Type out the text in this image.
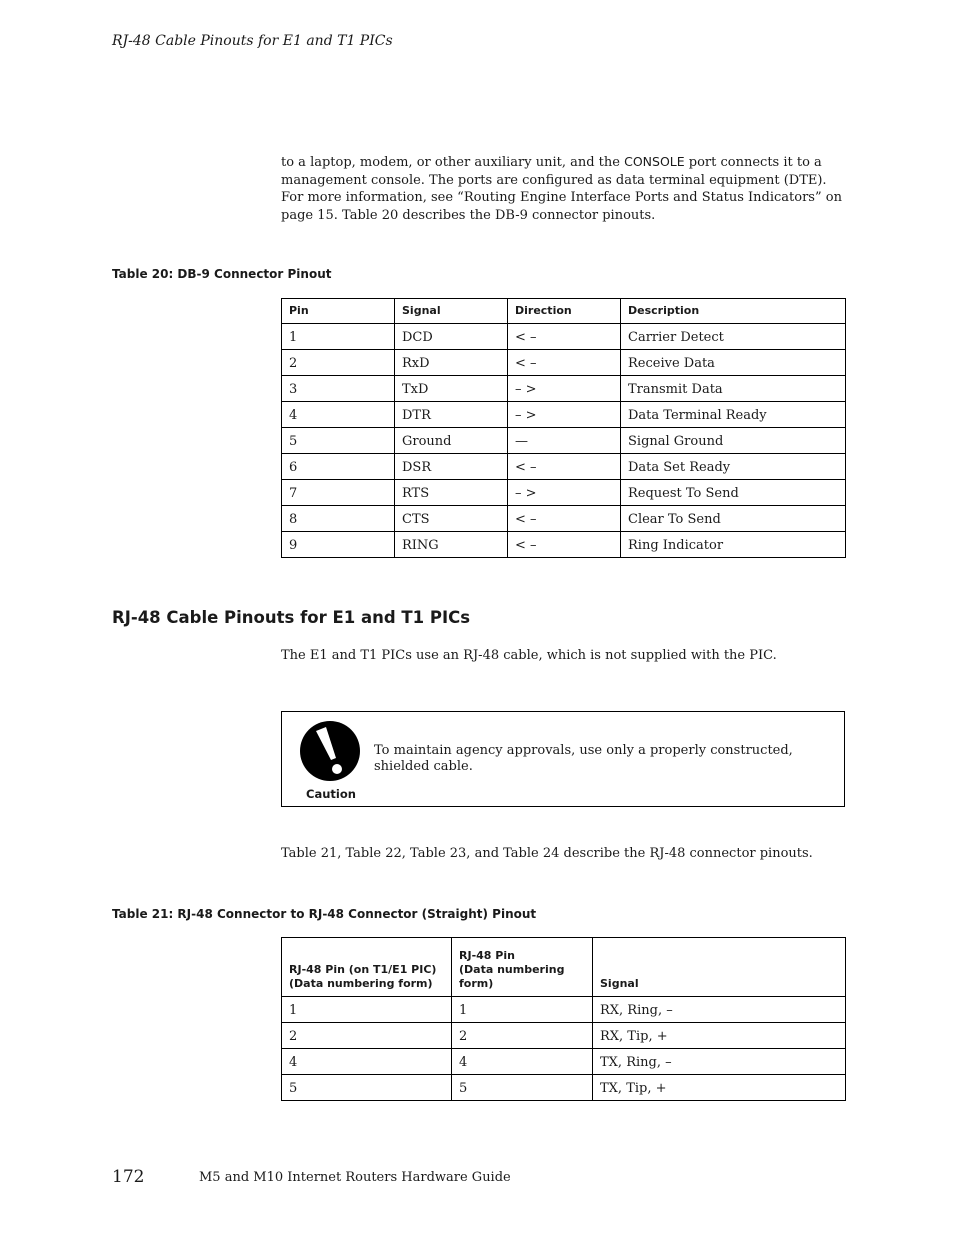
RJ-48 Cable Pinouts for E1 and T1 PICs
to a laptop, modem, or other auxiliary unit, and the CONSOLE port connects it to a management console. The ports are configured as data terminal equipment (DTE). For more information, see “Routing Engine Interface Ports and Status Indicators” on page 15. Table 20 describes the DB-9 connector pinouts.
Table 20: DB-9 Connector Pinout
Pin	Signal	Direction	Description
1	DCD	< –	Carrier Detect
2	RxD	< –	Receive Data
3	TxD	– >	Transmit Data
4	DTR	– >	Data Terminal Ready
5	Ground	—	Signal Ground
6	DSR	< –	Data Set Ready
7	RTS	– >	Request To Send
8	CTS	< –	Clear To Send
9	RING	< –	Ring Indicator
RJ-48 Cable Pinouts for E1 and T1 PICs
The E1 and T1 PICs use an RJ-48 cable, which is not supplied with the PIC.
Caution
To maintain agency approvals, use only a properly constructed, shielded cable.
Table 21, Table 22, Table 23, and Table 24 describe the RJ-48 connector pinouts.
Table 21: RJ-48 Connector to RJ-48 Connector (Straight) Pinout
RJ-48 Pin (on T1/E1 PIC)
(Data numbering form)	RJ-48 Pin
(Data numbering
form)	Signal
1	1	RX, Ring, –
2	2	RX, Tip, +
4	4	TX, Ring, –
5	5	TX, Tip, +
172	M5 and M10 Internet Routers Hardware Guide
